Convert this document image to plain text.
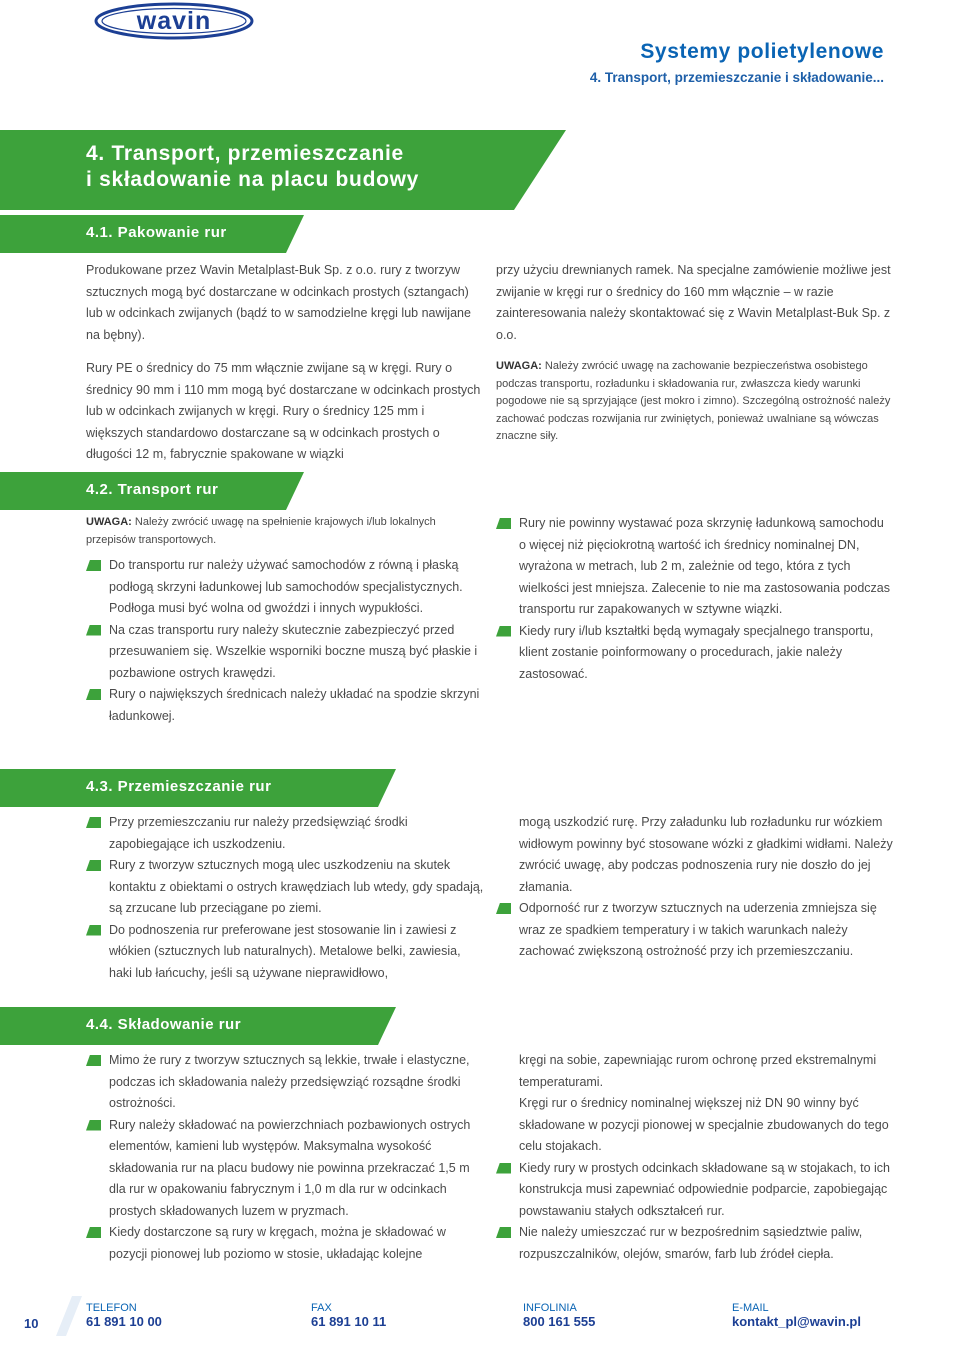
wavin
Systemy polietylenowe
4. Transport, przemieszczanie i składowanie...
4. Transport, przemieszczanie
i składowanie na placu budowy
4.1. Pakowanie rur

Produkowane przez Wavin Metalplast-Buk Sp. z o.o. rury z tworzyw sztucznych mogą być dostarczane w odcinkach prostych (sztangach) lub w odcinkach zwijanych (bądź to w samodzielne kręgi lub nawijane na bębny).

Rury PE o średnicy do 75 mm włącznie zwijane są w kręgi. Rury o średnicy 90 mm i 110 mm mogą być dostarczane w odcinkach prostych lub w odcinkach zwijanych w kręgi. Rury o średnicy 125 mm i większych standardowo dostarczane są w odcinkach prostych o długości 12 m, fabrycznie spakowane w wiązki

przy użyciu drewnianych ramek. Na specjalne zamówienie możliwe jest zwijanie w kręgi rur o średnicy do 160 mm włącznie – w razie zainteresowania należy skontaktować się z Wavin Metalplast-Buk Sp. z o.o.

UWAGA: Należy zwrócić uwagę na zachowanie bezpieczeństwa osobistego podczas transportu, rozładunku i składowania rur, zwłaszcza kiedy warunki pogodowe nie są sprzyjające (jest mokro i zimno). Szczególną ostrożność należy zachować podczas rozwijania rur zwiniętych, ponieważ uwalniane są wówczas znaczne siły.

4.2. Transport rur

UWAGA: Należy zwrócić uwagę na spełnienie krajowych i/lub lokalnych przepisów transportowych.

Do transportu rur należy używać samochodów z równą i płaską podłogą skrzyni ładunkowej lub samochodów specjalistycznych. Podłoga musi być wolna od gwoździ i innych wypukłości.
Na czas transportu rury należy skutecznie zabezpieczyć przed przesuwaniem się. Wszelkie wsporniki boczne muszą być płaskie i pozbawione ostrych krawędzi.
Rury o największych średnicach należy układać na spodzie skrzyni ładunkowej.
Rury nie powinny wystawać poza skrzynię ładunkową samochodu o więcej niż pięciokrotną wartość ich średnicy nominalnej DN, wyrażona w metrach, lub 2 m, zależnie od tego, która z tych wielkości jest mniejsza. Zalecenie to nie ma zastosowania podczas transportu rur zapakowanych w sztywne wiązki.
Kiedy rury i/lub kształtki będą wymagały specjalnego transportu, klient zostanie poinformowany o procedurach, jakie należy zastosować.
4.3. Przemieszczanie rur
Przy przemieszczaniu rur należy przedsięwziąć środki zapobiegające ich uszkodzeniu.
Rury z tworzyw sztucznych mogą ulec uszkodzeniu na skutek kontaktu z obiektami o ostrych krawędziach lub wtedy, gdy spadają, są zrzucane lub przeciągane po ziemi.
Do podnoszenia rur preferowane jest stosowanie lin i zawiesi z włókien (sztucznych lub naturalnych). Metalowe belki, zawiesia, haki lub łańcuchy, jeśli są używane nieprawidłowo,
mogą uszkodzić rurę. Przy załadunku lub rozładunku rur wózkiem widłowym powinny być stosowane wózki z gładkimi widłami. Należy zwrócić uwagę, aby podczas podnoszenia rury nie doszło do jej złamania.
Odporność rur z tworzyw sztucznych na uderzenia zmniejsza się wraz ze spadkiem temperatury i w takich warunkach należy zachować zwiększoną ostrożność przy ich przemieszczaniu.
4.4. Składowanie rur
Mimo że rury z tworzyw sztucznych są lekkie, trwałe i elastyczne, podczas ich składowania należy przedsięwziąć rozsądne środki ostrożności.
Rury należy składować na powierzchniach pozbawionych ostrych elementów, kamieni lub występów. Maksymalna wysokość składowania rur na placu budowy nie powinna przekraczać 1,5 m dla rur w opakowaniu fabrycznym i 1,0 m dla rur w odcinkach prostych składowanych luzem w pryzmach.
Kiedy dostarczone są rury w kręgach, można je składować w pozycji pionowej lub poziomo w stosie, układając kolejne
kręgi na sobie, zapewniając rurom ochronę przed ekstremalnymi temperaturami.
Kręgi rur o średnicy nominalnej większej niż DN 90 winny być składowane w pozycji pionowej w specjalnie zbudowanych do tego celu stojakach.
Kiedy rury w prostych odcinkach składowane są w stojakach, to ich konstrukcja musi zapewniać odpowiednie podparcie, zapobiegając powstawaniu stałych odkształceń rur.
Nie należy umieszczać rur w bezpośrednim sąsiedztwie paliw, rozpuszczalników, olejów, smarów, farb lub źródeł ciepła.
10
TELEFON
61 891 10 00
FAX
61 891 10 11
INFOLINIA
800 161 555
E-MAIL
kontakt_pl@wavin.pl
